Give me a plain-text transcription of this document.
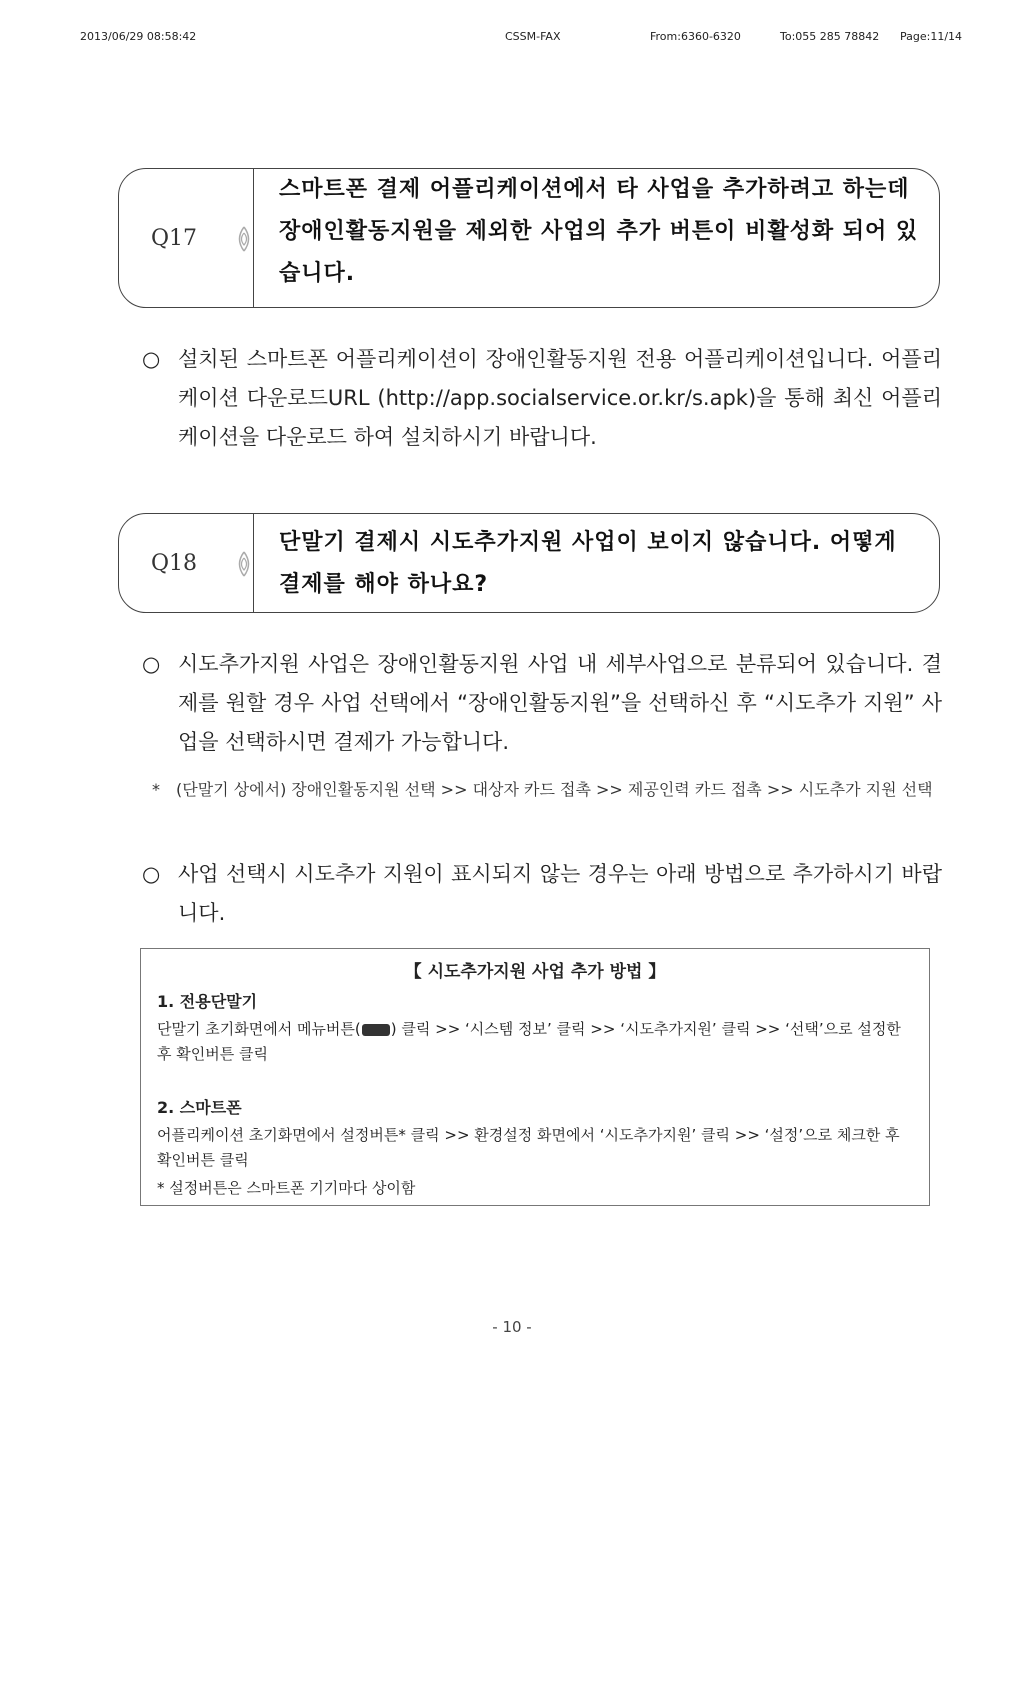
2013/06/29 08:58:42	CSSM-FAX	From:6360-6320	To:055 285 78842 Page:11/14
Q17
스마트폰 결제 어플리케이션에서 타 사업을 추가하려고 하는데 장애인활동지원을 제외한 사업의 추가 버튼이 비활성화 되어 있습니다.
○ 설치된 스마트폰 어플리케이션이 장애인활동지원 전용 어플리케이션입니다. 어플리케이션 다운로드URL (http://app.socialservice.or.kr/s.apk)을 통해 최신 어플리케이션을 다운로드 하여 설치하시기 바랍니다.
Q18
단말기 결제시 시도추가지원 사업이 보이지 않습니다. 어떻게 결제를 해야 하나요?
○ 시도추가지원 사업은 장애인활동지원 사업 내 세부사업으로 분류되어 있습니다. 결제를 원할 경우 사업 선택에서 “장애인활동지원”을 선택하신 후 “시도추가 지원” 사업을 선택하시면 결제가 가능합니다.
* (단말기 상에서) 장애인활동지원 선택 >> 대상자 카드 접촉 >> 제공인력 카드 접촉 >> 시도추가 지원 선택
○ 사업 선택시 시도추가 지원이 표시되지 않는 경우는 아래 방법으로 추가하시기 바랍니다.
【 시도추가지원 사업 추가 방법 】
1. 전용단말기
단말기 초기화면에서 메뉴버튼( ) 클릭 >> ‘시스템 정보’ 클릭 >> ‘시도추가지원’ 클릭 >> ‘선택’으로 설정한 후 확인버튼 클릭
2. 스마트폰
어플리케이션 초기화면에서 설정버튼* 클릭 >> 환경설정 화면에서 ‘시도추가지원’ 클릭 >> ‘설정’으로 체크한 후 확인버튼 클릭
* 설정버튼은 스마트폰 기기마다 상이함
- 10 -
